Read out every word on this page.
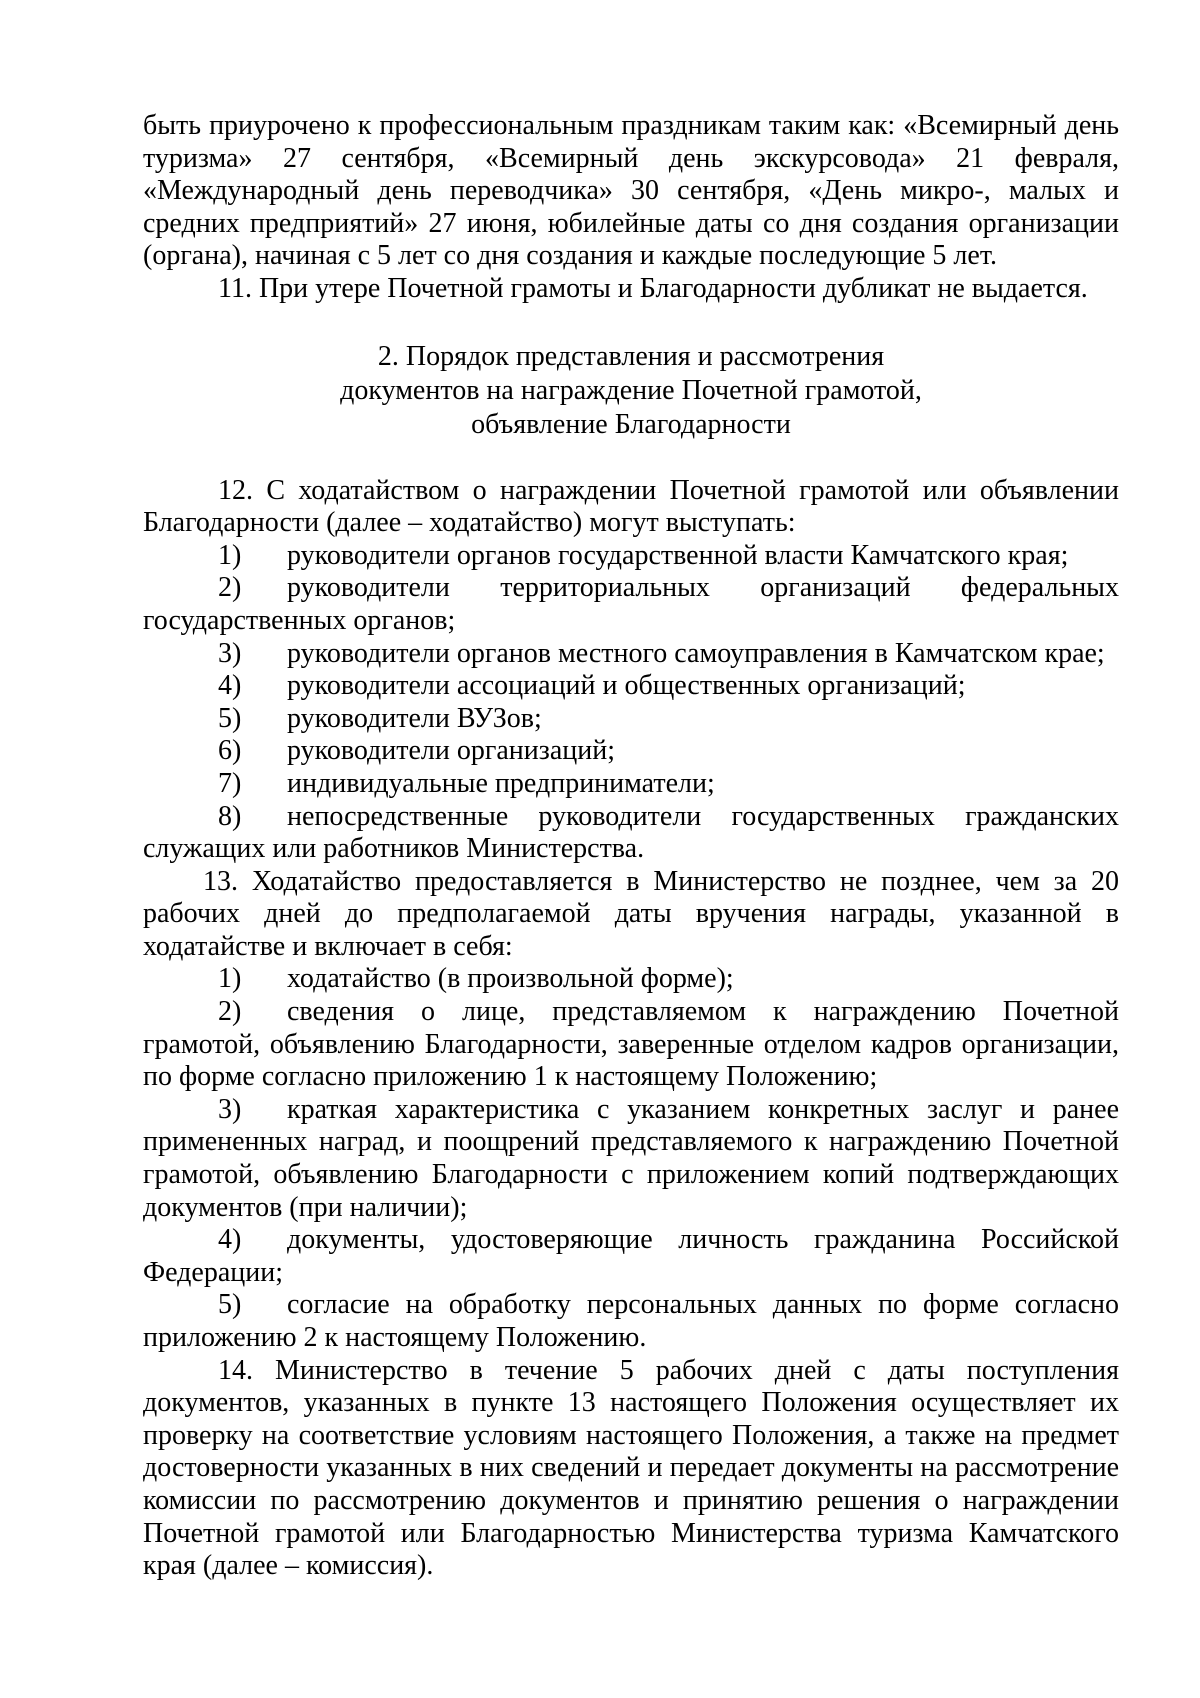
быть приурочено к профессиональным праздникам таким как: «Всемирный день туризма» 27 сентября, «Всемирный день экскурсовода» 21 февраля, «Международный день переводчика» 30 сентября, «День микро-, малых и средних предприятий» 27 июня, юбилейные даты со дня создания организации (органа), начиная с 5 лет со дня создания и каждые последующие 5 лет.

11. При утере Почетной грамоты и Благодарности дубликат не выдается.

2. Порядок представления и рассмотрения
документов на награждение Почетной грамотой,
объявление Благодарности

12. С ходатайством о награждении Почетной грамотой или объявлении Благодарности (далее – ходатайство) могут выступать:

1) руководители органов государственной власти Камчатского края;

2) руководители территориальных организаций федеральных государственных органов;

3) руководители органов местного самоуправления в Камчатском крае;

4) руководители ассоциаций и общественных организаций;

5) руководители ВУЗов;

6) руководители организаций;

7) индивидуальные предприниматели;

8) непосредственные руководители государственных гражданских служащих или работников Министерства.

13. Ходатайство предоставляется в Министерство не позднее, чем за 20 рабочих дней до предполагаемой даты вручения награды, указанной в ходатайстве и включает в себя:

1) ходатайство (в произвольной форме);

2) сведения о лице, представляемом к награждению Почетной грамотой, объявлению Благодарности, заверенные отделом кадров организации, по форме согласно приложению 1 к настоящему Положению;

3) краткая характеристика с указанием конкретных заслуг и ранее примененных наград, и поощрений представляемого к награждению Почетной грамотой, объявлению Благодарности с приложением копий подтверждающих документов (при наличии);

4) документы, удостоверяющие личность гражданина Российской Федерации;

5) согласие на обработку персональных данных по форме согласно приложению 2 к настоящему Положению.

14. Министерство в течение 5 рабочих дней с даты поступления документов, указанных в пункте 13 настоящего Положения осуществляет их проверку на соответствие условиям настоящего Положения, а также на предмет достоверности указанных в них сведений и передает документы на рассмотрение комиссии по рассмотрению документов и принятию решения о награждении Почетной грамотой или Благодарностью Министерства туризма Камчатского края (далее – комиссия).
